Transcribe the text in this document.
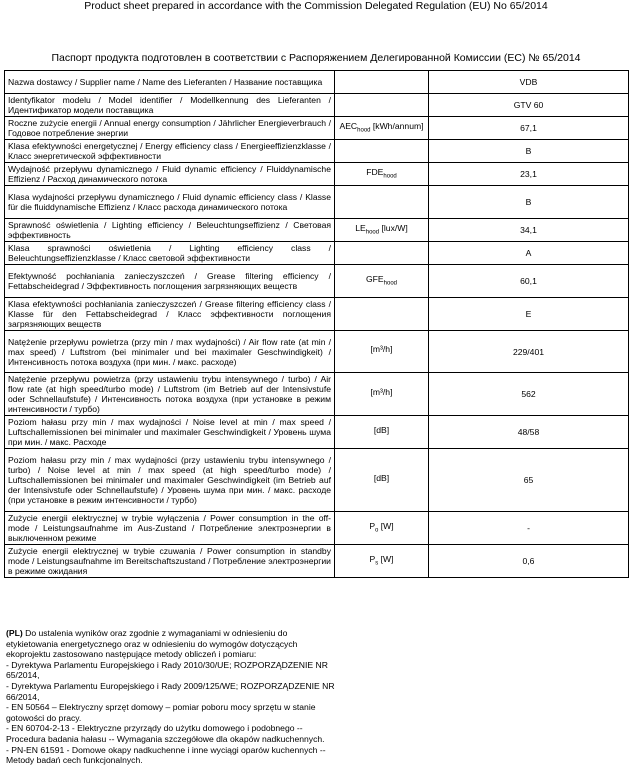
Product sheet prepared in accordance with the Commission Delegated Regulation (EU) No 65/2014
Паспорт продукта подготовлен в соответствии с Распоряжением Делегированной Комиссии (ЕС) № 65/2014
Nazwa dostawcy / Supplier name / Name des Lieferanten / Название поставщика		VDB
Identyfikator modelu / Model identifier / Modellkennung des Lieferanten / Идентификатор модели поставщика		GTV 60
Roczne zużycie energii / Annual energy consumption / Jährlicher Energieverbrauch / Годовое потребление энергии	$AEC_{hood}$ [kWh/annum]	67,1
Klasa efektywności energetycznej / Energy efficiency class / Energieeffizienzklasse / Класс энергетической эффективности		B
Wydajność przepływu dynamicznego / Fluid dynamic efficiency / Fluiddynamische Effizienz / Расход динамического потока	$FDE_{hood}$	23,1
Klasa wydajności przepływu dynamicznego / Fluid dynamic efficiency class / Klasse für die fluiddynamische Effizienz / Класс расхода динамического потока		B
Sprawność oświetlenia / Lighting efficiency / Beleuchtungseffizienz / Световая эффективность	$LE_{hood}$ [lux/W]	34,1
Klasa sprawności oświetlenia / Lighting efficiency class / Beleuchtungseffizienzklasse / Класс световой эффективности		A
Efektywność pochłaniania zanieczyszczeń / Grease filtering efficiency / Fettabscheidegrad / Эффективность поглощения загрязняющих веществ	$GFE_{hood}$	60,1
Klasa efektywności pochłaniania zanieczyszczeń / Grease filtering efficiency class / Klasse für den Fettabscheidegrad / Класс эффективности поглощения загрязняющих веществ		E
Natężenie przepływu powietrza (przy min / max wydajności) / Air flow rate (at min / max speed) / Luftstrom (bei minimaler und bei maximaler Geschwindigkeit) / Интенсивность потока воздуха (при мин. / макс. расходе)	[m³/h]	229/401
Natężenie przepływu powietrza (przy ustawieniu trybu intensywnego / turbo) / Air flow rate (at high speed/turbo mode) / Luftstrom (im Betrieb auf der Intensivstufe oder Schnellaufstufe) / Интенсивность потока воздуха (при установке в режим интенсивности / турбо)	[m³/h]	562
Poziom hałasu przy min / max wydajności / Noise level at min / max speed / Luftschallemissionen bei minimaler und maximaler Geschwindigkeit / Уровень шума при мин. / макс. Расходе	[dB]	48/58
Poziom hałasu przy min / max wydajności (przy ustawieniu trybu intensywnego / turbo) / Noise level at min / max speed (at high speed/turbo mode) / Luftschallemissionen bei minimaler und maximaler Geschwindigkeit (im Betrieb auf der Intensivstufe oder Schnellaufstufe) / Уровень шума при мин. / макс. расходе (при установке в режим интенсивности / турбо)	[dB]	65
Zużycie energii elektrycznej w trybie wyłączenia / Power consumption in the off-mode / Leistungsaufnahme im Aus-Zustand / Потребление электроэнергии в выключенном режиме	$P_o$ [W]	-
Zużycie energii elektrycznej w trybie czuwania / Power consumption in standby mode / Leistungsaufnahme im Bereitschaftszustand / Потребление электроэнергии в режиме ожидания	$P_s$ [W]	0,6

(PL) Do ustalenia wyników oraz zgodnie z wymaganiami w odniesieniu do etykietowania energetycznego oraz w odniesieniu do wymogów dotyczących ekoprojektu zastosowano następujące metody obliczeń i pomiaru:

- Dyrektywa Parlamentu Europejskiego i Rady 2010/30/UE; ROZPORZĄDZENIE NR 65/2014,

- Dyrektywa Parlamentu Europejskiego i Rady 2009/125/WE; ROZPORZĄDZENIE NR 66/2014,

- EN 50564 – Elektryczny sprzęt domowy – pomiar poboru mocy sprzętu w stanie gotowości do pracy.

- EN 60704-2-13 - Elektryczne przyrządy do użytku domowego i podobnego -- Procedura badania hałasu -- Wymagania szczegółowe dla okapów nadkuchennych.

- PN-EN 61591 - Domowe okapy nadkuchenne i inne wyciągi oparów kuchennych -- Metody badań cech funkcjonalnych.
